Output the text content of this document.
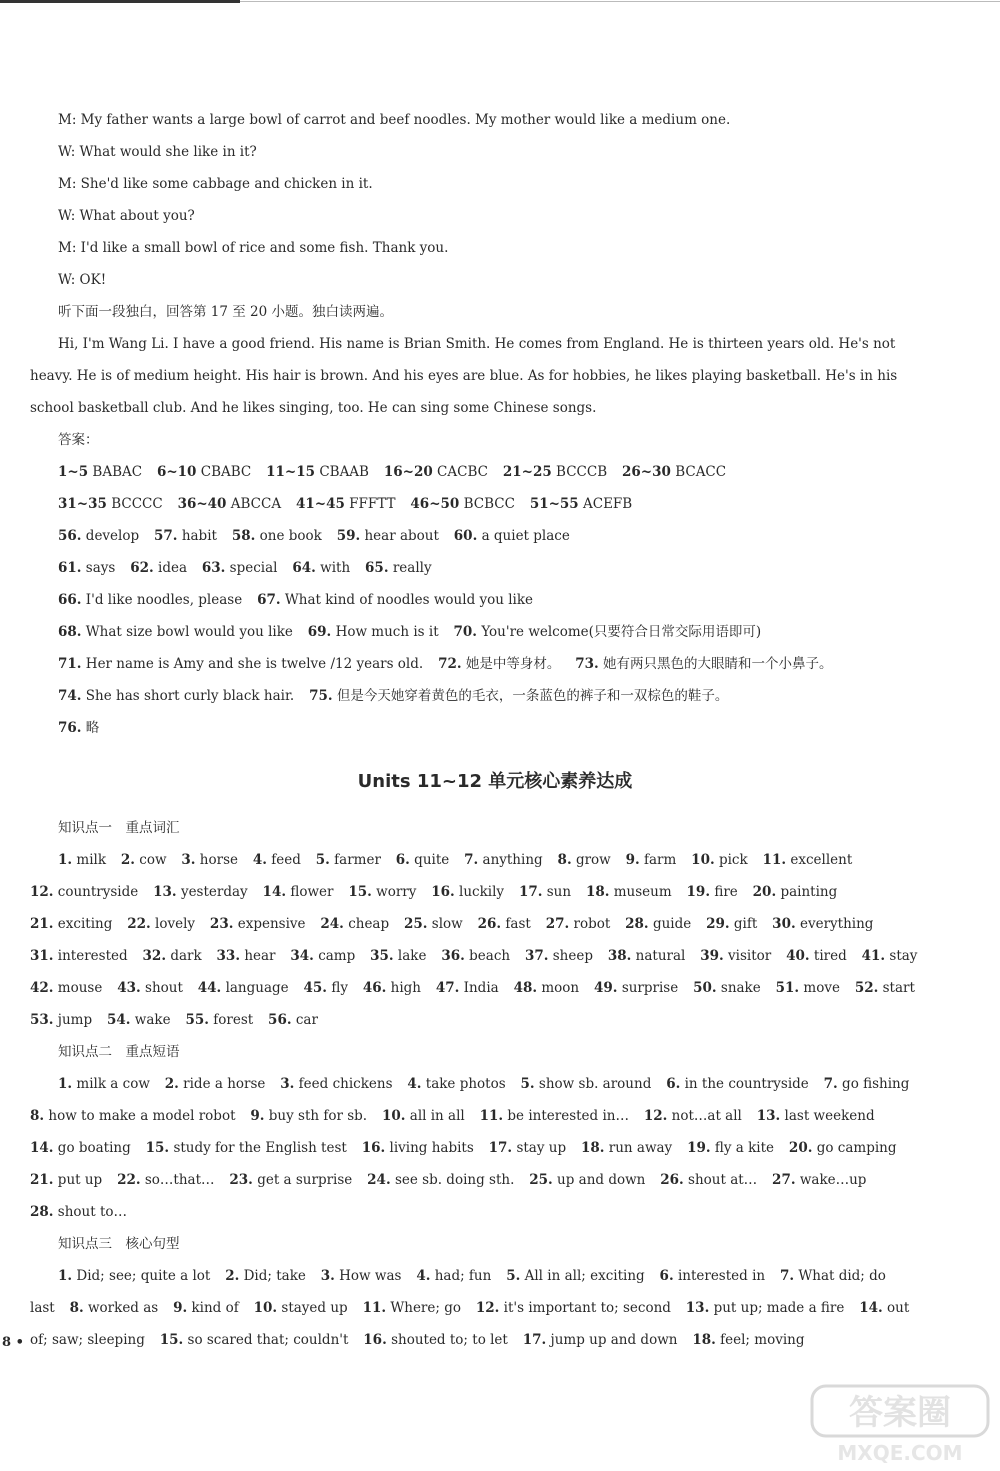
M: My father wants a large bowl of carrot and beef noodles. My mother would like a medium one.
W: What would she like in it?
M: She'd like some cabbage and chicken in it.
W: What about you?
M: I'd like a small bowl of rice and some fish. Thank you.
W: OK!
听下面一段独白，回答第 17 至 20 小题。独白读两遍。
Hi, I'm Wang Li. I have a good friend. His name is Brian Smith. He comes from England. He is thirteen years old. He's not
heavy. He is of medium height. His hair is brown. And his eyes are blue. As for hobbies, he likes playing basketball. He's in his
school basketball club. And he likes singing, too. He can sing some Chinese songs.
答案：
1~5 BABAC 6~10 CBABC 11~15 CBAAB 16~20 CACBC 21~25 BCCCB 26~30 BCACC
31~35 BCCCC 36~40 ABCCA 41~45 FFFTT 46~50 BCBCC 51~55 ACEFB
56. develop 57. habit 58. one book 59. hear about 60. a quiet place
61. says 62. idea 63. special 64. with 65. really
66. I'd like noodles, please 67. What kind of noodles would you like
68. What size bowl would you like 69. How much is it 70. You're welcome(只要符合日常交际用语即可)
71. Her name is Amy and she is twelve /12 years old. 72. 她是中等身材。 73. 她有两只黑色的大眼睛和一个小鼻子。
74. She has short curly black hair. 75. 但是今天她穿着黄色的毛衣，一条蓝色的裤子和一双棕色的鞋子。
76. 略
Units 11~12 单元核心素养达成
知识点一　重点词汇
1. milk 2. cow 3. horse 4. feed 5. farmer 6. quite 7. anything 8. grow 9. farm 10. pick 11. excellent
12. countryside 13. yesterday 14. flower 15. worry 16. luckily 17. sun 18. museum 19. fire 20. painting
21. exciting 22. lovely 23. expensive 24. cheap 25. slow 26. fast 27. robot 28. guide 29. gift 30. everything
31. interested 32. dark 33. hear 34. camp 35. lake 36. beach 37. sheep 38. natural 39. visitor 40. tired 41. stay
42. mouse 43. shout 44. language 45. fly 46. high 47. India 48. moon 49. surprise 50. snake 51. move 52. start
53. jump 54. wake 55. forest 56. car
知识点二　重点短语
1. milk a cow 2. ride a horse 3. feed chickens 4. take photos 5. show sb. around 6. in the countryside 7. go fishing
8. how to make a model robot 9. buy sth for sb. 10. all in all 11. be interested in… 12. not…at all 13. last weekend
14. go boating 15. study for the English test 16. living habits 17. stay up 18. run away 19. fly a kite 20. go camping
21. put up 22. so…that… 23. get a surprise 24. see sb. doing sth. 25. up and down 26. shout at… 27. wake…up
28. shout to…
知识点三　核心句型
1. Did; see; quite a lot 2. Did; take 3. How was 4. had; fun 5. All in all; exciting 6. interested in 7. What did; do
last 8. worked as 9. kind of 10. stayed up 11. Where; go 12. it's important to; second 13. put up; made a fire 14. out
of; saw; sleeping 15. so scared that; couldn't 16. shouted to; to let 17. jump up and down 18. feel; moving
8 •
答案圈
MXQE.COM
